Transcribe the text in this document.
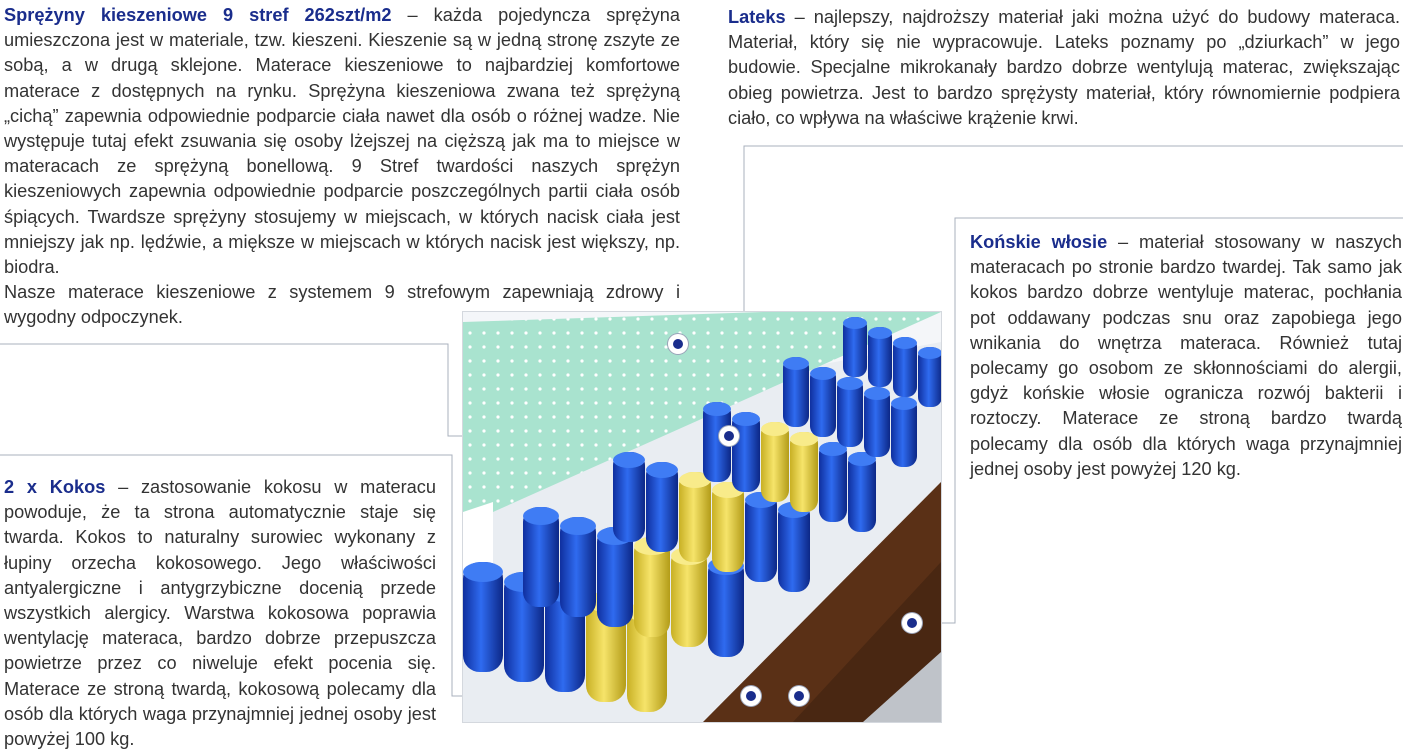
Sprężyny kieszeniowe 9 stref 262szt/m2 – każda pojedyncza sprężyna umieszczona jest w materiale, tzw. kieszeni. Kieszenie są w jedną stronę zszyte ze sobą, a w drugą sklejone. Materace kieszeniowe to najbardziej komfortowe materace z dostępnych na rynku. Sprężyna kieszeniowa zwana też sprężyną „cichą” zapewnia odpowiednie podparcie ciała nawet dla osób o różnej wadze. Nie występuje tutaj efekt zsuwania się osoby lżejszej na cięższą jak ma to miejsce w materacach ze sprężyną bonellową. 9 Stref twardości naszych sprężyn kieszeniowych zapewnia odpowiednie podparcie poszczególnych partii ciała osób śpiących. Twardsze sprężyny stosujemy w miejscach, w których nacisk ciała jest mniejszy jak np. lędźwie, a miększe w miejscach w których nacisk jest większy, np. biodra.

Nasze materace kieszeniowe z systemem 9 strefowym zapewniają zdrowy i wygodny odpoczynek.

Lateks – najlepszy, najdroższy materiał jaki można użyć do budowy materaca. Materiał, który się nie wypracowuje. Lateks poznamy po „dziurkach” w jego budowie. Specjalne mikrokanały bardzo dobrze wentylują materac, zwiększając obieg powietrza. Jest to bardzo sprężysty materiał, który równomiernie podpiera ciało, co wpływa na właściwe krążenie krwi.

Końskie włosie – materiał stosowany w naszych materacach po stronie bardzo twardej. Tak samo jak kokos bardzo dobrze wentyluje materac, pochłania pot oddawany podczas snu oraz zapobiega jego wnikania do wnętrza materaca. Również tutaj polecamy go osobom ze skłonnościami do alergii, gdyż końskie włosie ogranicza rozwój bakterii i roztoczy. Materace ze stroną bardzo twardą polecamy dla osób dla których waga przynajmniej jednej osoby jest powyżej 120 kg.

2 x Kokos – zastosowanie kokosu w materacu powoduje, że ta strona automatycznie staje się twarda. Kokos to naturalny surowiec wykonany z łupiny orzecha kokosowego. Jego właściwości antyalergiczne i antygrzybiczne docenią przede wszystkich alergicy. Warstwa kokosowa poprawia wentylację materaca, bardzo dobrze przepuszcza powietrze przez co niweluje efekt pocenia się. Materace ze stroną twardą, kokosową polecamy dla osób dla których waga przynajmniej jednej osoby jest powyżej 100 kg.
